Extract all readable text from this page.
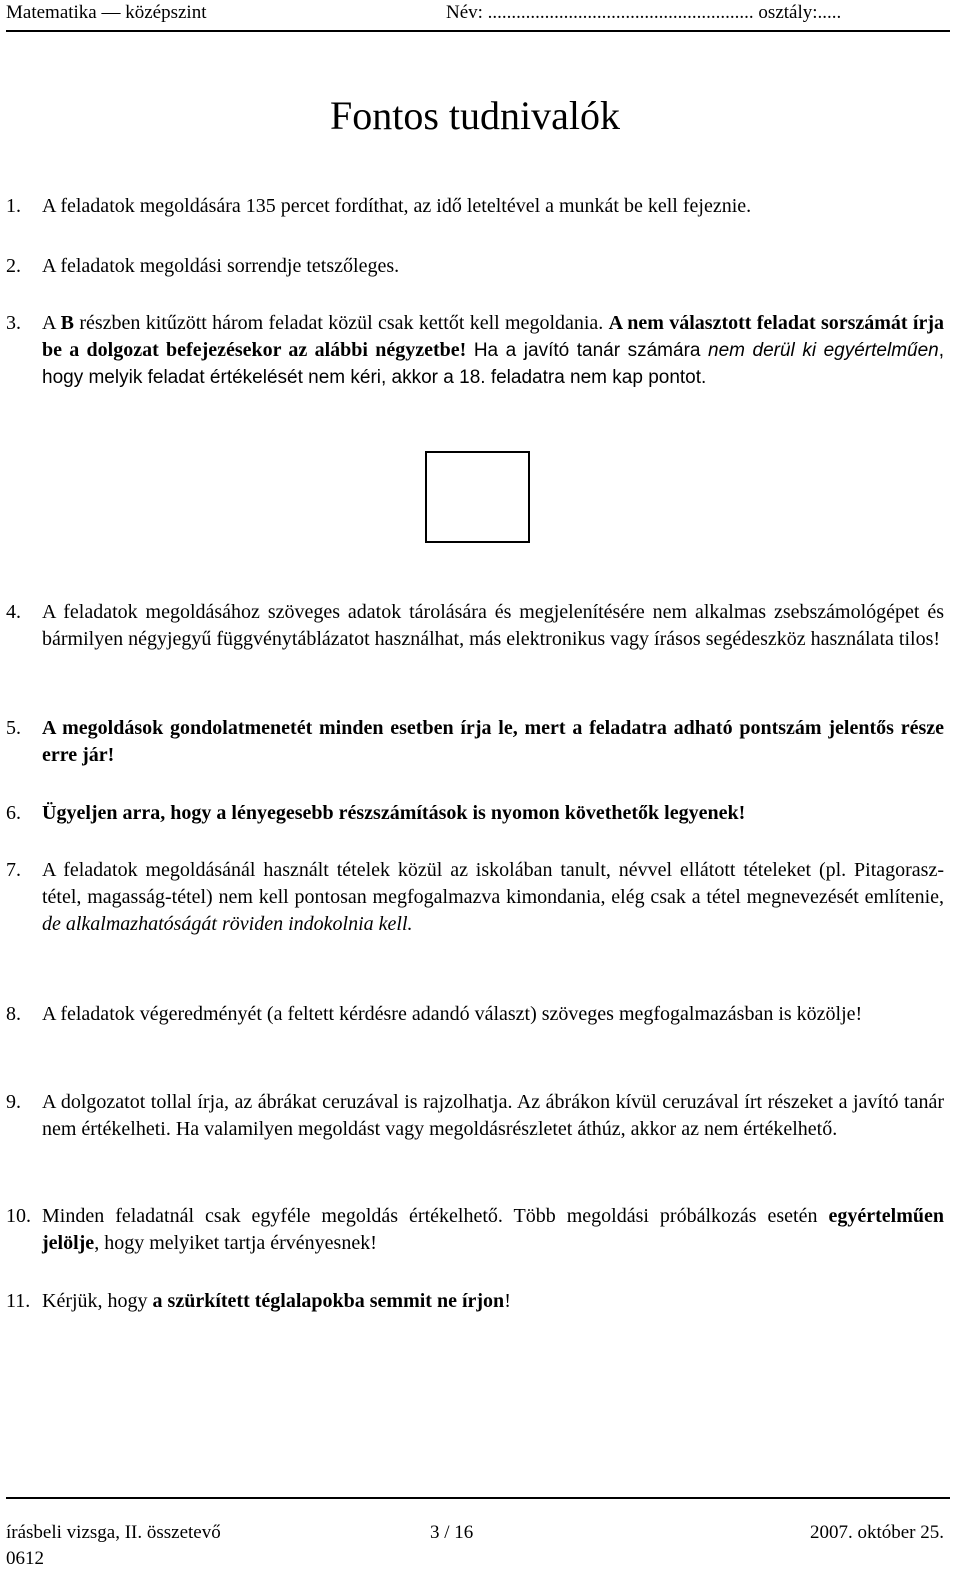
Matematika — középszint	Név: ........................................................ osztály:.....
Fontos tudnivalók
1. A feladatok megoldására 135 percet fordíthat, az idő leteltével a munkát be kell fejeznie.
2. A feladatok megoldási sorrendje tetszőleges.
3. A B részben kitűzött három feladat közül csak kettőt kell megoldania. A nem választott feladat sorszámát írja be a dolgozat befejezésekor az alábbi négyzetbe! Ha a javító tanár számára nem derül ki egyértelműen, hogy melyik feladat értékelését nem kéri, akkor a 18. feladatra nem kap pontot.
4. A feladatok megoldásához szöveges adatok tárolására és megjelenítésére nem alkalmas zsebszámológépet és bármilyen négyjegyű függvénytáblázatot használhat, más elektronikus vagy írásos segédeszköz használata tilos!
5. A megoldások gondolatmenetét minden esetben írja le, mert a feladatra adható pontszám jelentős része erre jár!
6. Ügyeljen arra, hogy a lényegesebb részszámítások is nyomon követhetők legyenek!
7. A feladatok megoldásánál használt tételek közül az iskolában tanult, névvel ellátott tételeket (pl. Pitagorasz-tétel, magasság-tétel) nem kell pontosan megfogalmazva kimondania, elég csak a tétel megnevezését említenie, de alkalmazhatóságát röviden indokolnia kell.
8. A feladatok végeredményét (a feltett kérdésre adandó választ) szöveges megfogalmazásban is közölje!
9. A dolgozatot tollal írja, az ábrákat ceruzával is rajzolhatja. Az ábrákon kívül ceruzával írt részeket a javító tanár nem értékelheti. Ha valamilyen megoldást vagy megoldásrészletet áthúz, akkor az nem értékelhető.
10. Minden feladatnál csak egyféle megoldás értékelhető. Több megoldási próbálkozás esetén egyértelműen jelölje, hogy melyiket tartja érvényesnek!
11. Kérjük, hogy a szürkített téglalapokba semmit ne írjon!
írásbeli vizsga, II. összetevő	3 / 16	2007. október 25.
0612
